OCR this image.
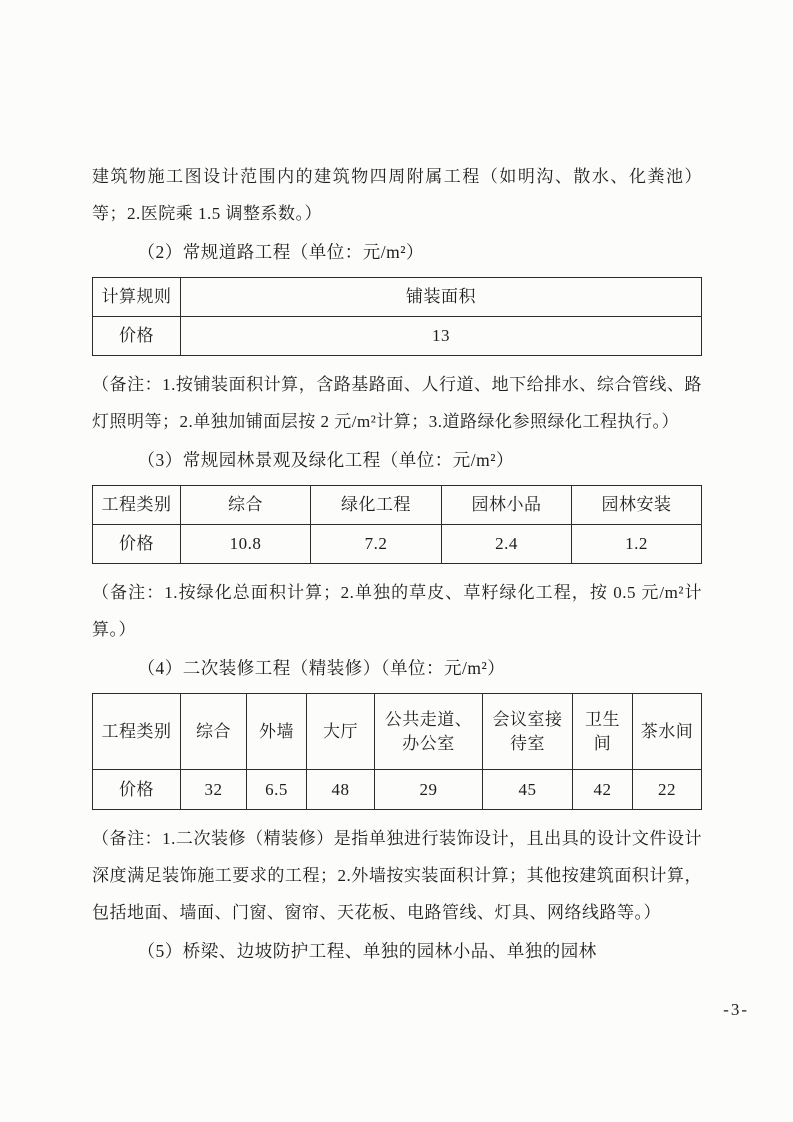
建筑物施工图设计范围内的建筑物四周附属工程（如明沟、散水、化粪池）等；2.医院乘 1.5 调整系数。）

（2）常规道路工程（单位：元/m²）

计算规则	铺装面积
价格	13

（备注：1.按铺装面积计算，含路基路面、人行道、地下给排水、综合管线、路灯照明等；2.单独加铺面层按 2 元/m²计算；3.道路绿化参照绿化工程执行。）

（3）常规园林景观及绿化工程（单位：元/m²）

工程类别	综合	绿化工程	园林小品	园林安装
价格	10.8	7.2	2.4	1.2

（备注：1.按绿化总面积计算；2.单独的草皮、草籽绿化工程，按 0.5 元/m²计算。）

（4）二次装修工程（精装修）（单位：元/m²）

工程类别	综合	外墙	大厅	公共走道、办公室	会议室接待室	卫生间	茶水间
价格	32	6.5	48	29	45	42	22

（备注：1.二次装修（精装修）是指单独进行装饰设计，且出具的设计文件设计深度满足装饰施工要求的工程；2.外墙按实装面积计算；其他按建筑面积计算，包括地面、墙面、门窗、窗帘、天花板、电路管线、灯具、网络线路等。）

（5）桥梁、边坡防护工程、单独的园林小品、单独的园林

-3-
